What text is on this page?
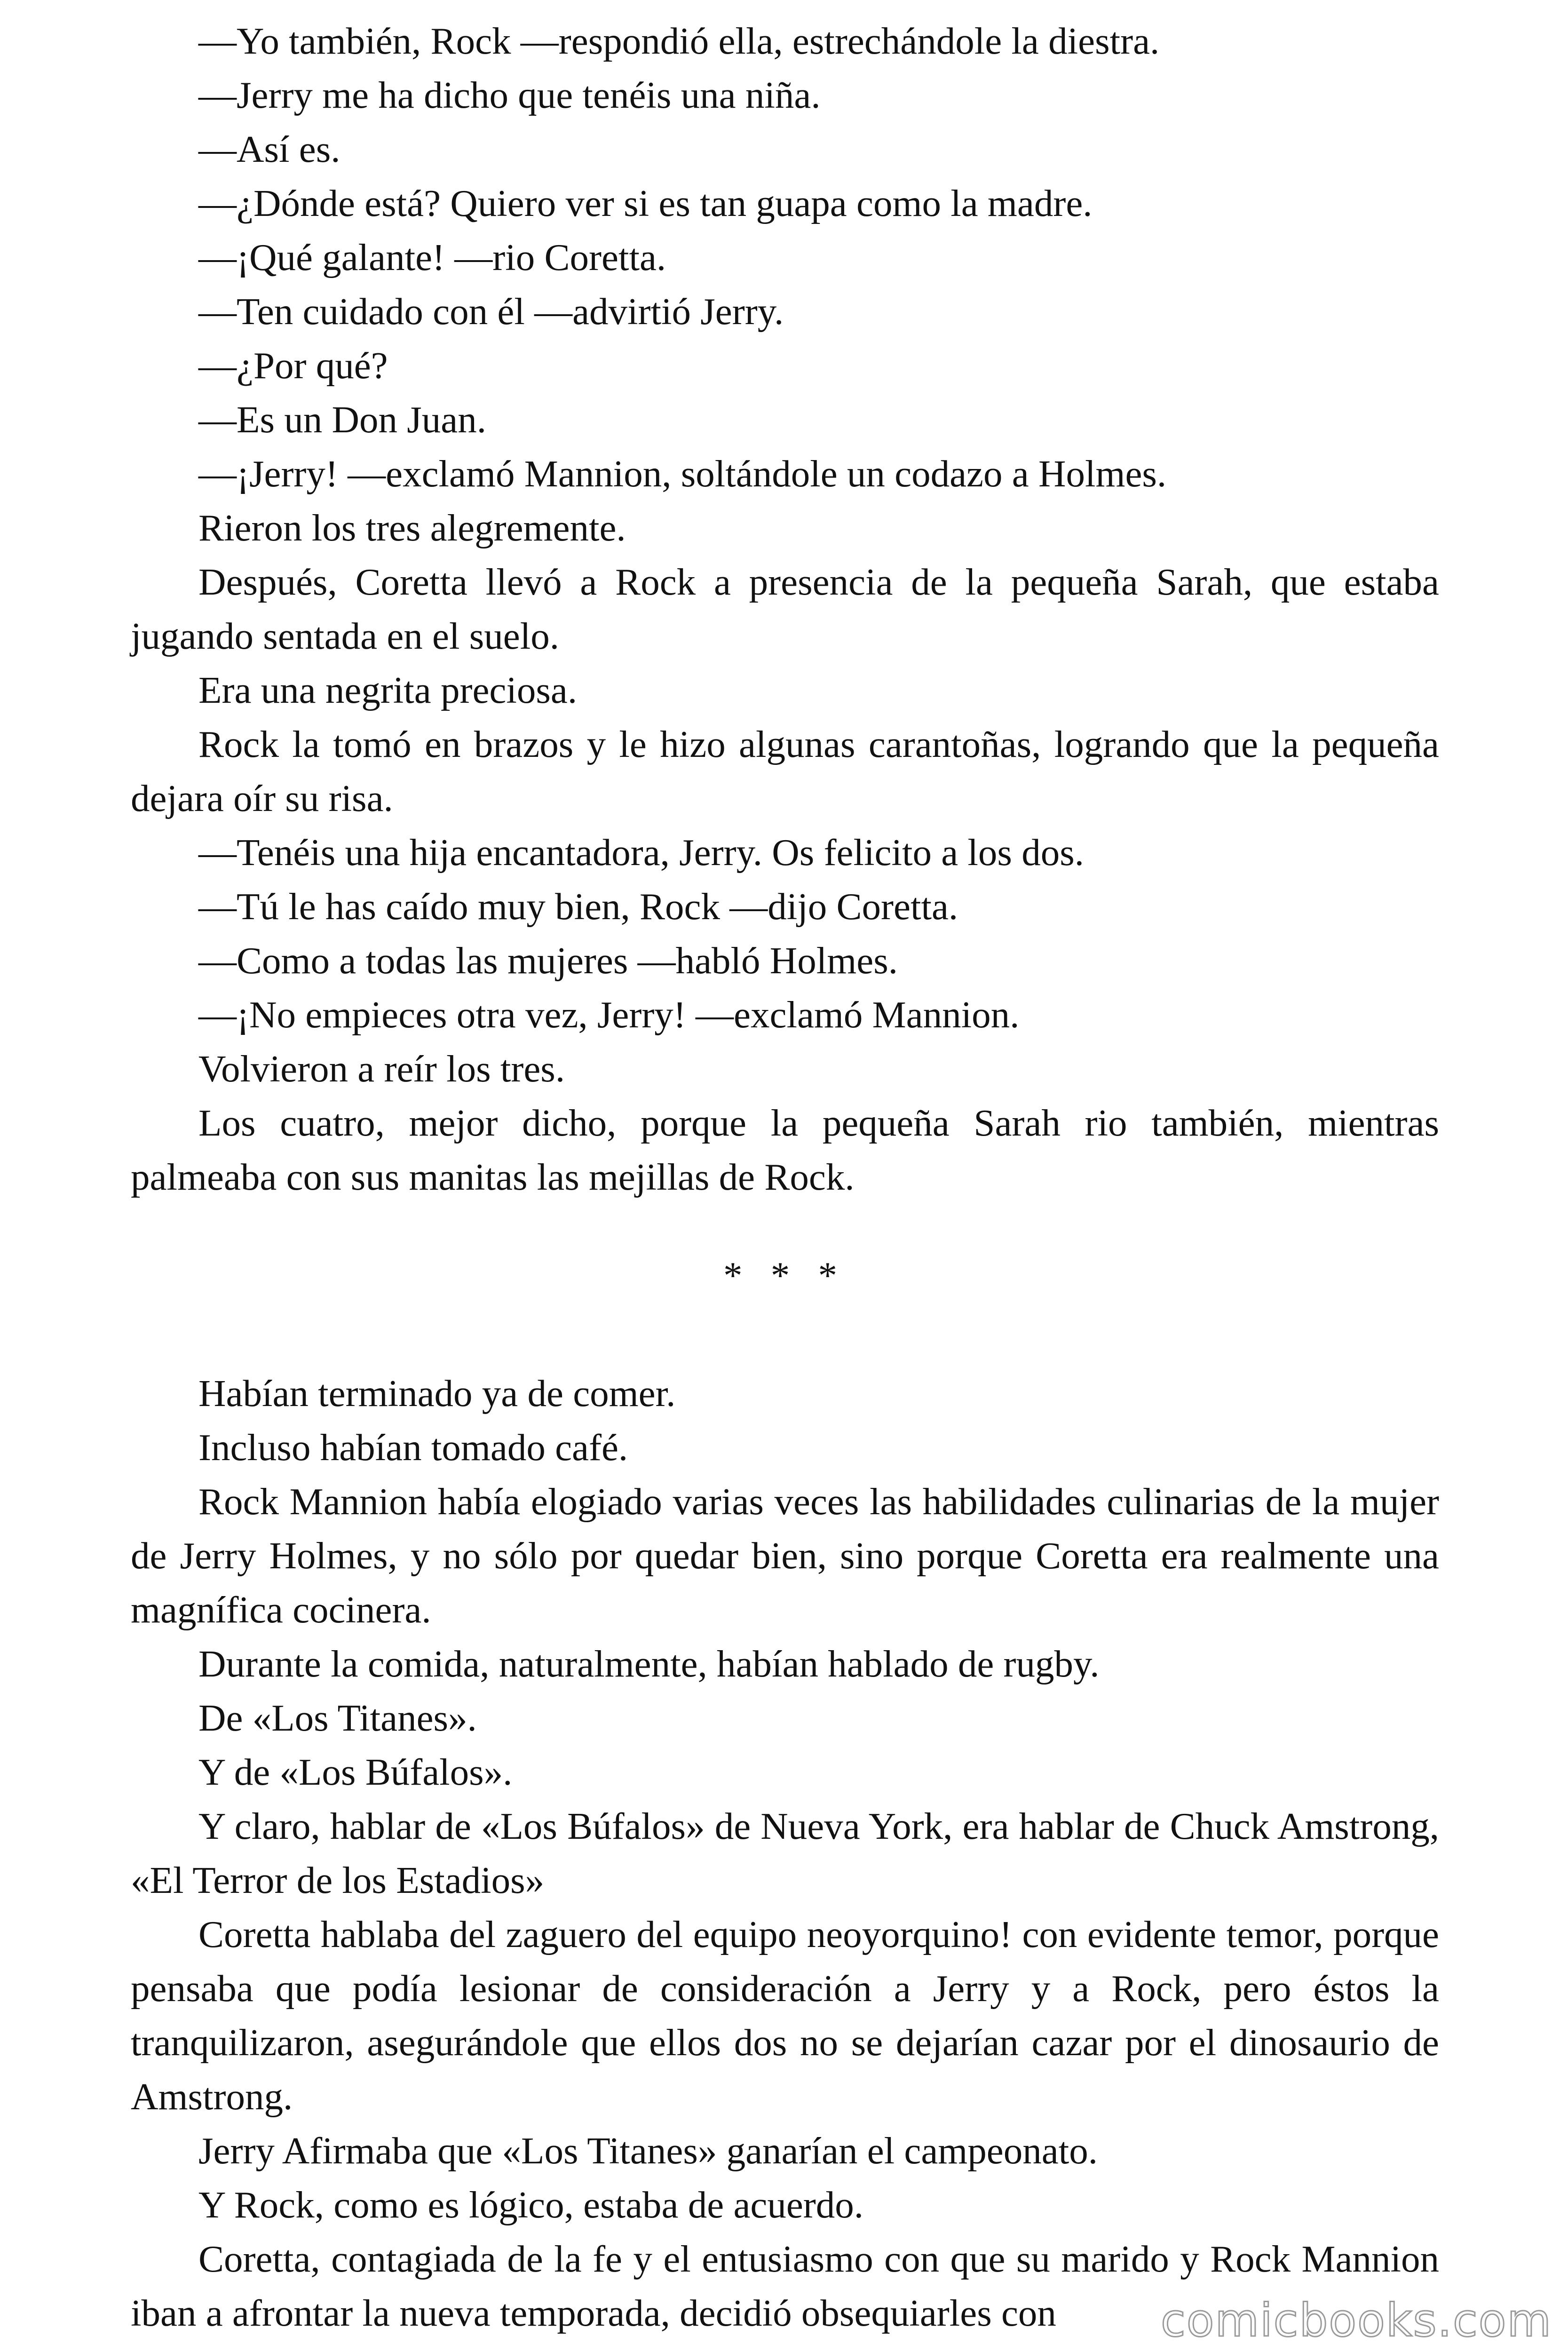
—Yo también, Rock —respondió ella, estrechándole la diestra.

—Jerry me ha dicho que tenéis una niña.

—Así es.

—¿Dónde está? Quiero ver si es tan guapa como la madre.

—¡Qué galante! —rio Coretta.

—Ten cuidado con él —advirtió Jerry.

—¿Por qué?

—Es un Don Juan.

—¡Jerry! —exclamó Mannion, soltándole un codazo a Holmes.

Rieron los tres alegremente.

Después, Coretta llevó a Rock a presencia de la pequeña Sarah, que estaba jugando sentada en el suelo.

Era una negrita preciosa.

Rock la tomó en brazos y le hizo algunas carantoñas, logrando que la pequeña dejara oír su risa.

—Tenéis una hija encantadora, Jerry. Os felicito a los dos.

—Tú le has caído muy bien, Rock —dijo Coretta.

—Como a todas las mujeres —habló Holmes.

—¡No empieces otra vez, Jerry! —exclamó Mannion.

Volvieron a reír los tres.

Los cuatro, mejor dicho, porque la pequeña Sarah rio también, mientras palmeaba con sus manitas las mejillas de Rock.

* * *

Habían terminado ya de comer.

Incluso habían tomado café.

Rock Mannion había elogiado varias veces las habilidades culinarias de la mujer de Jerry Holmes, y no sólo por quedar bien, sino porque Coretta era realmente una magnífica cocinera.

Durante la comida, naturalmente, habían hablado de rugby.

De «Los Titanes».

Y de «Los Búfalos».

Y claro, hablar de «Los Búfalos» de Nueva York, era hablar de Chuck Amstrong, «El Terror de los Estadios»

Coretta hablaba del zaguero del equipo neoyorquino! con evidente temor, porque pensaba que podía lesionar de consideración a Jerry y a Rock, pero éstos la tranquilizaron, asegurándole que ellos dos no se dejarían cazar por el dinosaurio de Amstrong.

Jerry Afirmaba que «Los Titanes» ganarían el campeonato.

Y Rock, como es lógico, estaba de acuerdo.

Coretta, contagiada de la fe y el entusiasmo con que su marido y Rock Mannion iban a afrontar la nueva temporada, decidió obsequiarles con	comicbooks.com
